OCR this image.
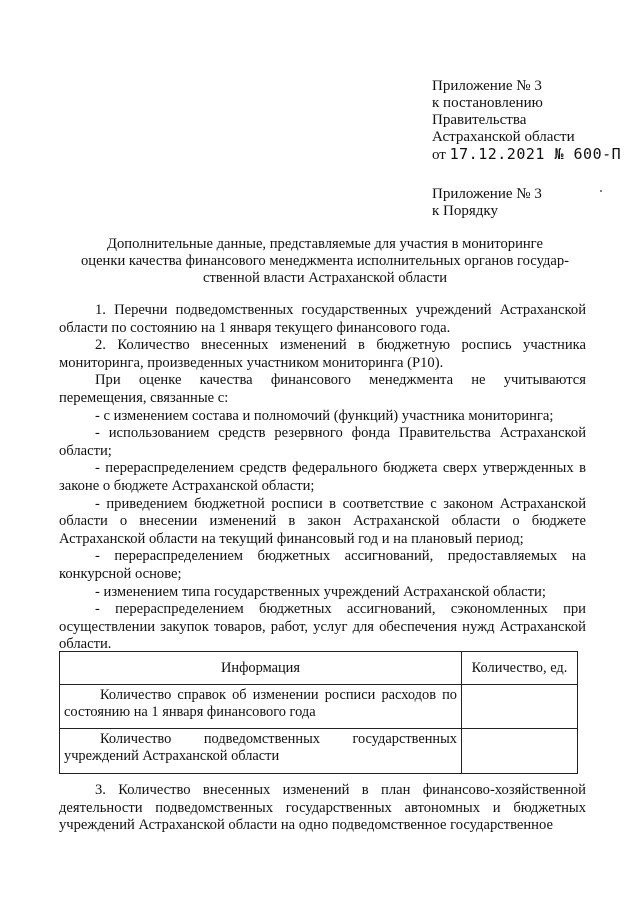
Приложение № 3

к постановлению

Правительства

Астраханской области

от 17.12.2021 № 600-П

Приложение № 3

к Порядку

Дополнительные данные, представляемые для участия в мониторинге

оценки качества финансового менеджмента исполнительных органов государ-

ственной власти Астраханской области

1. Перечни подведомственных государственных учреждений Астраханской области по состоянию на 1 января текущего финансового года.

2. Количество внесенных изменений в бюджетную роспись участника мониторинга, произведенных участником мониторинга (P10).

При оценке качества финансового менеджмента не учитываются перемещения, связанные с:

- с изменением состава и полномочий (функций) участника мониторинга;

- использованием средств резервного фонда Правительства Астраханской области;

- перераспределением средств федерального бюджета сверх утвержденных в законе о бюджете Астраханской области;

- приведением бюджетной росписи в соответствие с законом Астраханской области о внесении изменений в закон Астраханской области о бюджете Астраханской области на текущий финансовый год и на плановый период;

- перераспределением бюджетных ассигнований, предоставляемых на конкурсной основе;

- изменением типа государственных учреждений Астраханской области;

- перераспределением бюджетных ассигнований, сэкономленных при осуществлении закупок товаров, работ, услуг для обеспечения нужд Астраханской области.

Информация	Количество, ед.
Количество справок об изменении росписи расходов по состоянию на 1 января финансового года	
Количество подведомственных государственных учреждений Астраханской области	

3. Количество внесенных изменений в план финансово-хозяйственной деятельности подведомственных государственных автономных и бюджетных учреждений Астраханской области на одно подведомственное государственное
